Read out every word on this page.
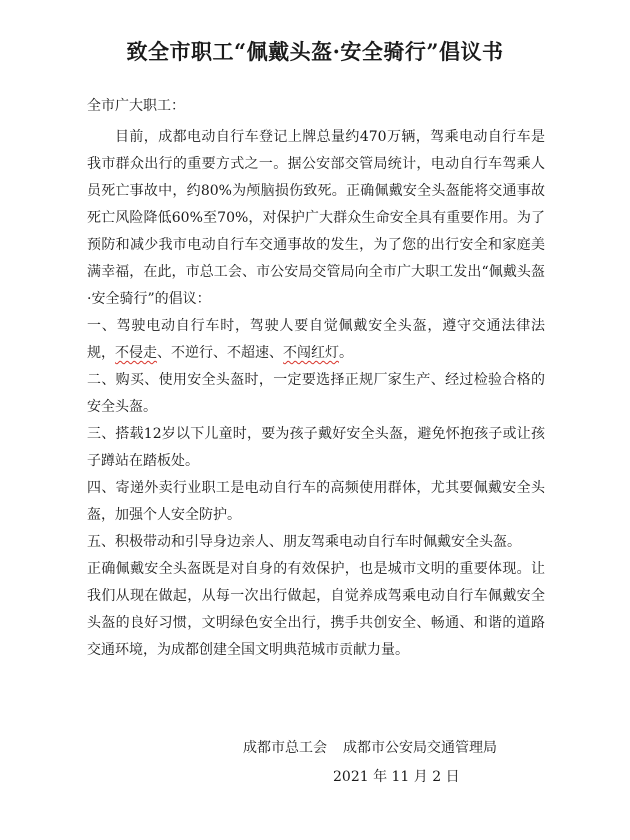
致全市职工“佩戴头盔·安全骑行”倡议书
全市广大职工：

目前，成都电动自行车登记上牌总量约470万辆，驾乘电动自行车是我市群众出行的重要方式之一。据公安部交管局统计，电动自行车驾乘人员死亡事故中，约80%为颅脑损伤致死。正确佩戴安全头盔能将交通事故死亡风险降低60%至70%，对保护广大群众生命安全具有重要作用。为了预防和减少我市电动自行车交通事故的发生，为了您的出行安全和家庭美满幸福，在此，市总工会、市公安局交管局向全市广大职工发出“佩戴头盔·安全骑行”的倡议：

一、驾驶电动自行车时，驾驶人要自觉佩戴安全头盔，遵守交通法律法规，不侵走、不逆行、不超速、不闯红灯。

二、购买、使用安全头盔时，一定要选择正规厂家生产、经过检验合格的安全头盔。

三、搭载12岁以下儿童时，要为孩子戴好安全头盔，避免怀抱孩子或让孩子蹲站在踏板处。

四、寄递外卖行业职工是电动自行车的高频使用群体，尤其要佩戴安全头盔，加强个人安全防护。

五、积极带动和引导身边亲人、朋友驾乘电动自行车时佩戴安全头盔。

正确佩戴安全头盔既是对自身的有效保护，也是城市文明的重要体现。让我们从现在做起，从每一次出行做起，自觉养成驾乘电动自行车佩戴安全头盔的良好习惯，文明绿色安全出行，携手共创安全、畅通、和谐的道路交通环境，为成都创建全国文明典范城市贡献力量。

成都市总工会 成都市公安局交通管理局
2021 年 11 月 2 日
